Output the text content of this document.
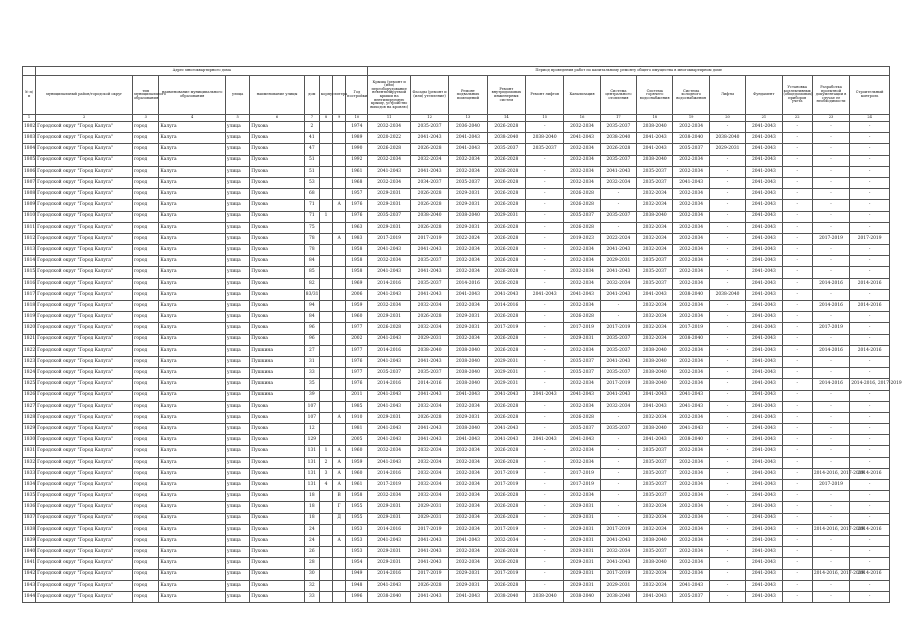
	Адрес многоквартирного дома									Период проведения работ по капитальному ремонту общего имущества в многоквартирном доме													
№ п/п	муниципальный район/городской округ	тип муниципального образования	наименование муниципального образования	улица	наименование улицы	дом	корпус	литера	Год постройки	Крыша (ремонт и (или) переоборудование невентилируемой крыши на вентилируемую крышу, устройство выходов на кровлю)	Фасады (ремонт и (или) утепление)	Ремонт подвальных помещений	Ремонт внутридомовых инженерных систем	Ремонт лифтов	Канализация	Система центрального отопления	Система горячего водоснабжения	Система холодного водоснабжения	Лифты	Фундамент	Установка коллективных (общедомовых) приборов учета	Разработка проектной документации в случае ее необходимости	Строительный контроль
1	2	3	4	5	6	7	8	9	10	11	12	13	14	15	16	17	18	19	20	21	22	23	24
1802	Городской округ "Город Калуга"	город	Калуга	улица	Пухова	2			1974	2032-2034	2035-2037	2036-2040	2026-2028	-	2032-2034	2035-2037	2038-2040	2032-2034	-	2041-2043	-	-	-
1803	Городской округ "Город Калуга"	город	Калуга	улица	Пухова	41			1989	2020-2022	2041-2043	2041-2043	2038-2040	2038-2040	2041-2043	2038-2040	2041-2043	2038-2040	2038-2040	2041-2043	-	-	-
1804	Городской округ "Город Калуга"	город	Калуга	улица	Пухова	47			1990	2026-2028	2026-2028	2041-2043	2035-2037	2035-2037	2032-2034	2026-2028	2041-2043	2035-2037	2029-2031	2041-2043	-	-	-
1805	Городской округ "Город Калуга"	город	Калуга	улица	Пухова	51			1992	2032-2034	2032-2034	2032-2034	2026-2028	-	2032-2034	2035-2037	2038-2040	2032-2034	-	2041-2043	-	-	-
1806	Городской округ "Город Калуга"	город	Калуга	улица	Пухова	51			1961	2041-2043	2041-2043	2032-2034	2026-2028	-	2032-2034	2041-2043	2035-2037	2032-2034	-	2041-2043	-	-	-
1807	Городской округ "Город Калуга"	город	Калуга	улица	Пухова	53			1968	2032-2034	2034-2037	2035-2037	2026-2028	-	2032-2034	2032-2034	2035-2037	2041-2043	-	2041-2043	-	-	-
1808	Городской округ "Город Калуга"	город	Калуга	улица	Пухова	68			1957	2029-2031	2026-2028	2029-2031	2026-2028	-	2026-2028	-	2032-2034	2032-2034	-	2041-2043	-	-	-
1809	Городской округ "Город Калуга"	город	Калуга	улица	Пухова	71		А	1976	2029-2031	2026-2028	2029-2031	2026-2028	-	2026-2028	-	2032-2034	2032-2034	-	2041-2043	-	-	-
1810	Городской округ "Город Калуга"	город	Калуга	улица	Пухова	71	1		1976	2035-2037	2038-2040	2038-2040	2029-2031	-	2035-2037	2035-2037	2038-2040	2032-2034	-	2041-2043	-	-	-
1811	Городской округ "Город Калуга"	город	Калуга	улица	Пухова	75			1963	2029-2031	2026-2028	2029-2031	2026-2028	-	2026-2028	-	2032-2034	2032-2034	-	2041-2043	-	-	-
1812	Городской округ "Город Калуга"	город	Калуга	улица	Пухова	78		А	1983	2017-2019	2017-2019	2022-2024	2026-2028	-	2019-2023	2022-2024	2032-2034	2032-2034	-	2041-2043	-	2017-2019	2017-2019
1813	Городской округ "Город Калуга"	город	Калуга	улица	Пухова	78			1958	2041-2043	2041-2043	2032-2034	2026-2028	-	2032-2034	2041-2043	2032-2034	2032-2034	-	2041-2043	-	-	-
1814	Городской округ "Город Калуга"	город	Калуга	улица	Пухова	84			1958	2032-2034	2035-2037	2032-2034	2026-2028	-	2032-2034	2029-2031	2035-2037	2032-2034	-	2041-2043	-	-	-
1815	Городской округ "Город Калуга"	город	Калуга	улица	Пухова	85			1958	2041-2043	2041-2043	2032-2034	2026-2028	-	2032-2034	2041-2043	2035-2037	2032-2034	-	2041-2043	-	-	-
1816	Городской округ "Город Калуга"	город	Калуга	улица	Пухова	82			1969	2014-2016	2035-2037	2014-2016	2026-2028	-	2032-2034	2032-2034	2035-2037	2032-2034	-	2041-2043	-	2014-2016	2014-2016
1817	Городской округ "Город Калуга"	город	Калуга	улица	Пухова	83/31			2006	2041-2043	2041-2043	2041-2043	2041-2043	2041-2043	2041-2043	2041-2043	2041-2043	2038-2040	2038-2040	2041-2043	-	-	-
1818	Городской округ "Город Калуга"	город	Калуга	улица	Пухова	94			1959	2032-2034	2032-2034	2032-2034	2014-2016	-	2032-2034	-	2032-2034	2032-2034	-	2041-2043	-	2014-2016	2014-2016
1819	Городской округ "Город Калуга"	город	Калуга	улица	Пухова	84			1960	2029-2031	2026-2028	2029-2031	2026-2028	-	2026-2028	-	2032-2034	2032-2034	-	2041-2043	-	-	-
1820	Городской округ "Город Калуга"	город	Калуга	улица	Пухова	96			1977	2026-2028	2032-2034	2029-2031	2017-2019	-	2017-2019	2017-2019	2032-2034	2017-2019	-	2041-2043	-	2017-2019	-
1821	Городской округ "Город Калуга"	город	Калуга	улица	Пухова	96			2002	2041-2043	2029-2031	2032-2034	2026-2028	-	2029-2031	2035-2037	2032-2034	2038-2040	-	2041-2043	-	-	-
1822	Городской округ "Город Калуга"	город	Калуга	улица	Пушкина	27			1977	2014-2016	2038-2040	2038-2040	2026-2028	-	2032-2034	2035-2037	2038-2040	2032-2034	-	2041-2043	-	2014-2016	2014-2016
1823	Городской округ "Город Калуга"	город	Калуга	улица	Пушкина	31			1976	2041-2043	2041-2043	2038-2040	2029-2031	-	2035-2037	2041-2043	2038-2040	2032-2034	-	2041-2043	-	-	-
1824	Городской округ "Город Калуга"	город	Калуга	улица	Пушкина	33			1977	2035-2037	2035-2037	2038-2040	2029-2031	-	2035-2037	2035-2037	2038-2040	2032-2034	-	2041-2043	-	-	-
1825	Городской округ "Город Калуга"	город	Калуга	улица	Пушкина	35			1976	2014-2016	2014-2016	2038-2040	2029-2031	-	2032-2034	2017-2019	2038-2040	2032-2034	-	2041-2043	-	2014-2016	2014-2016, 2017-2019
1826	Городской округ "Город Калуга"	город	Калуга	улица	Пушкина	39			2011	2041-2043	2041-2043	2041-2043	2041-2043	2041-2043	2041-2043	2041-2043	2041-2043	2041-2043	-	2041-2043	-	-	-
1827	Городской округ "Город Калуга"	город	Калуга	улица	Пухова	107			1985	2041-2043	2032-2034	2032-2034	2026-2028	-	2032-2034	2032-2034	2041-2043	2041-2043	-	2041-2043	-	-	-
1828	Городской округ "Город Калуга"	город	Калуга	улица	Пухова	107		А	1910	2029-2031	2026-2028	2029-2031	2026-2028	-	2026-2028	-	2032-2034	2032-2034	-	2041-2043	-	-	-
1829	Городской округ "Город Калуга"	город	Калуга	улица	Пухова	12			1981	2041-2043	2041-2043	2038-2040	2041-2043	-	2035-2037	2035-2037	2038-2040	2041-2043	-	2041-2043	-	-	-
1830	Городской округ "Город Калуга"	город	Калуга	улица	Пухова	129			2005	2041-2043	2041-2043	2041-2043	2041-2043	2041-2043	2041-2043	-	2041-2043	2038-2040	-	2041-2043	-	-	-
1831	Городской округ "Город Калуга"	город	Калуга	улица	Пухова	131	1	А	1960	2032-2034	2032-2034	2032-2034	2026-2028	-	2032-2034	-	2035-2037	2032-2034	-	2041-2043	-	-	-
1832	Городской округ "Город Калуга"	город	Калуга	улица	Пухова	131	2	А	1959	2041-2043	2032-2034	2032-2034	2026-2028	-	2032-2034	-	2035-2037	2032-2034	-	2041-2043	-	-	-
1833	Городской округ "Город Калуга"	город	Калуга	улица	Пухова	131	3	А	1960	2014-2016	2032-2034	2032-2034	2017-2019	-	2017-2019	-	2035-2037	2032-2034	-	2041-2043	-	2014-2016, 2017-2019	2014-2016
1834	Городской округ "Город Калуга"	город	Калуга	улица	Пухова	131	4	А	1961	2017-2019	2032-2034	2032-2034	2017-2019	-	2017-2019	-	2035-2037	2032-2034	-	2041-2043	-	2017-2019	-
1835	Городской округ "Город Калуга"	город	Калуга	улица	Пухова	18		В	1958	2032-2034	2032-2034	2032-2034	2026-2028	-	2032-2034	-	2035-2037	2032-2034	-	2041-2043	-	-	-
1836	Городской округ "Город Калуга"	город	Калуга	улица	Пухова	18		Г	1955	2029-2031	2029-2031	2032-2034	2026-2028	-	2029-2031	-	2032-2034	2032-2034	-	2041-2043	-	-	-
1837	Городской округ "Город Калуга"	город	Калуга	улица	Пухова	18		Д	1955	2029-2031	2029-2031	2032-2034	2026-2028	-	2029-2031	-	2032-2034	2032-2034	-	2041-2043	-	-	-
1838	Городской округ "Город Калуга"	город	Калуга	улица	Пухова	24			1953	2014-2016	2017-2019	2032-2034	2017-2019	-	2029-2031	2017-2019	2032-2034	2032-2034	-	2041-2043	-	2014-2016, 2017-2019	2014-2016
1839	Городской округ "Город Калуга"	город	Калуга	улица	Пухова	24		А	1953	2041-2043	2041-2043	2041-2043	2032-2034	-	2029-2031	2041-2043	2038-2040	2032-2034	-	2041-2043	-	-	-
1840	Городской округ "Город Калуга"	город	Калуга	улица	Пухова	26			1953	2029-2031	2041-2043	2032-2034	2026-2028	-	2029-2031	2032-2034	2035-2037	2032-2034	-	2041-2043	-	-	-
1841	Городской округ "Город Калуга"	город	Калуга	улица	Пухова	28			1954	2029-2031	2041-2043	2032-2034	2026-2028	-	2029-2031	2041-2043	2038-2040	2032-2034	-	2041-2043	-	-	-
1842	Городской округ "Город Калуга"	город	Калуга	улица	Пухова	30			1949	2014-2016	2017-2019	2029-2031	2017-2019	-	2029-2031	2017-2019	2032-2034	2032-2034	-	2041-2043	-	2014-2016, 2017-2019	2014-2016
1843	Городской округ "Город Калуга"	город	Калуга	улица	Пухова	32			1948	2041-2043	2026-2028	2029-2031	2026-2028	-	2029-2031	2029-2031	2032-2034	2041-2043	-	2041-2043	-	-	-
1844	Городской округ "Город Калуга"	город	Калуга	улица	Пухова	33			1996	2038-2040	2041-2043	2041-2043	2038-2040	2038-2040	2038-2040	2038-2040	2041-2043	2035-2037	-	2041-2043	-	-	-
